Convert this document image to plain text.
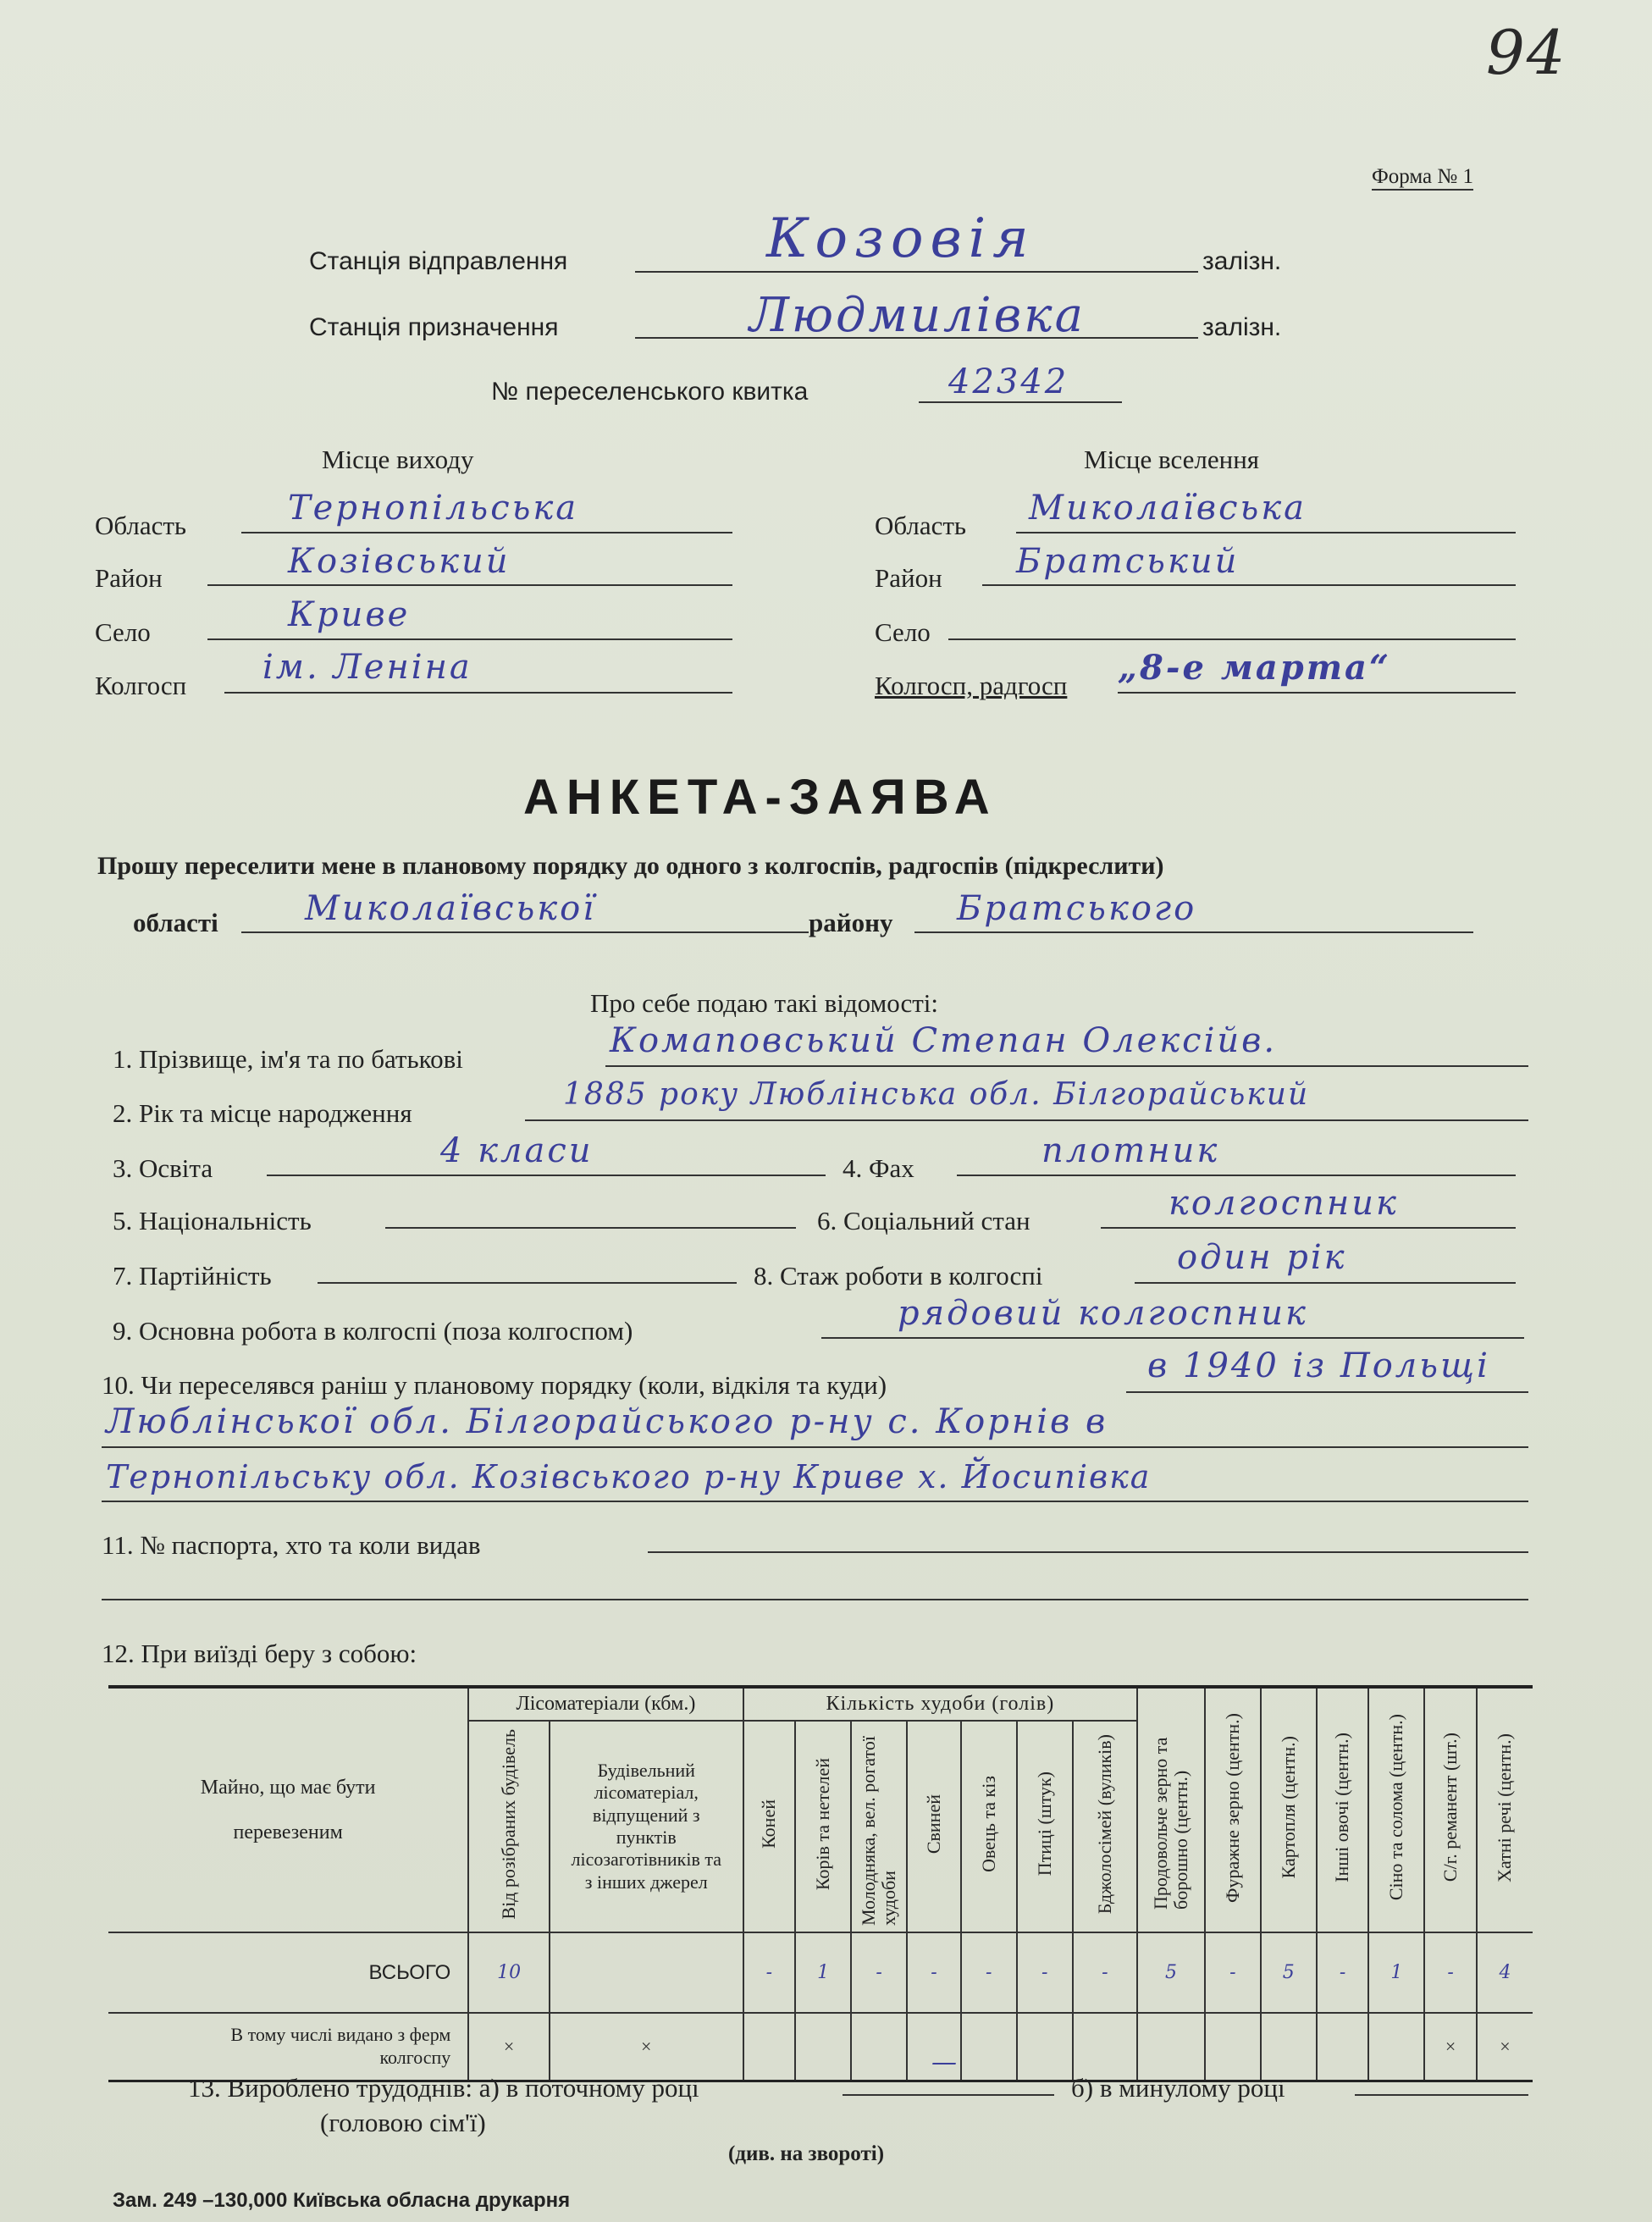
94
Форма № 1
Станція відправлення	Козовія	залізн.
Станція призначення	Людмилівка	залізн.
№ переселенського квитка	42342
Місце виходу	Місце вселення
Область	Тернопільська
Район	Козівський
Село	Криве
Колгосп ім. Леніна
Область Миколаївська
Район Братський
Село
Колгосп, радгосп „8-е марта“
АНКЕТА-ЗАЯВА
Прошу переселити мене в плановому порядку до одного з колгоспів, радгоспів (підкреслити)
області	Миколаївської	району Братського
Про себе подаю такі відомості:
1. Прізвище, ім'я та по батькові	Комаповський Степан Олексійв.
2. Рік та місце народження
1885 року Люблінська обл. Білгорайський
3. Освіта	4 класи	4. Фах	плотник
5. Національність	6. Соціальний стан	колгоспник
7. Партійність	8. Стаж роботи в колгоспі	один рік
9. Основна робота в колгоспі (поза колгоспом)	рядовий колгоспник
10. Чи переселявся раніш у плановому порядку (коли, відкіля та куди)	в 1940 із Польщі
Люблінської обл. Білгорайського р-ну с. Корнів в
Тернопільську обл. Козівського р-ну Криве х. Йосипівка
11. № паспорта, хто та коли видав
12. При виїзді беру з собою:
Майно, що має бути перевезеним	Лісоматеріали (кбм.)		Кількість худоби (голів)							Продовольче зерно та борошно (центн.)	Фуражне зерно (центн.)	Картопля (центн.)	Інші овочі (центн.)	Сіно та солома (центн.)	С/г. реманент (шт.)	Хатні речі (центн.)
	Від розібраних будівель	Будівельний лісоматеріал, відпущений з пунктів лісозаготівників та з інших джерел	Коней	Корів та нетелей	Молодняка, вел. рогатої худоби	Свиней	Овець та кіз	Птиці (штук)	Бджолосімей (вуликів)							
ВСЬОГО	10		-	1	-	-	-	-	-	5	-	5	-	1	-	4
В тому числі видано з ферм колгоспу	×	×													×	×
13. Вироблено трудоднів: а) в поточному році
—
б) в минулому році
(головою сім'ї)
(див. на звороті)
Зам. 249 –130,000 Київська обласна друкарня
